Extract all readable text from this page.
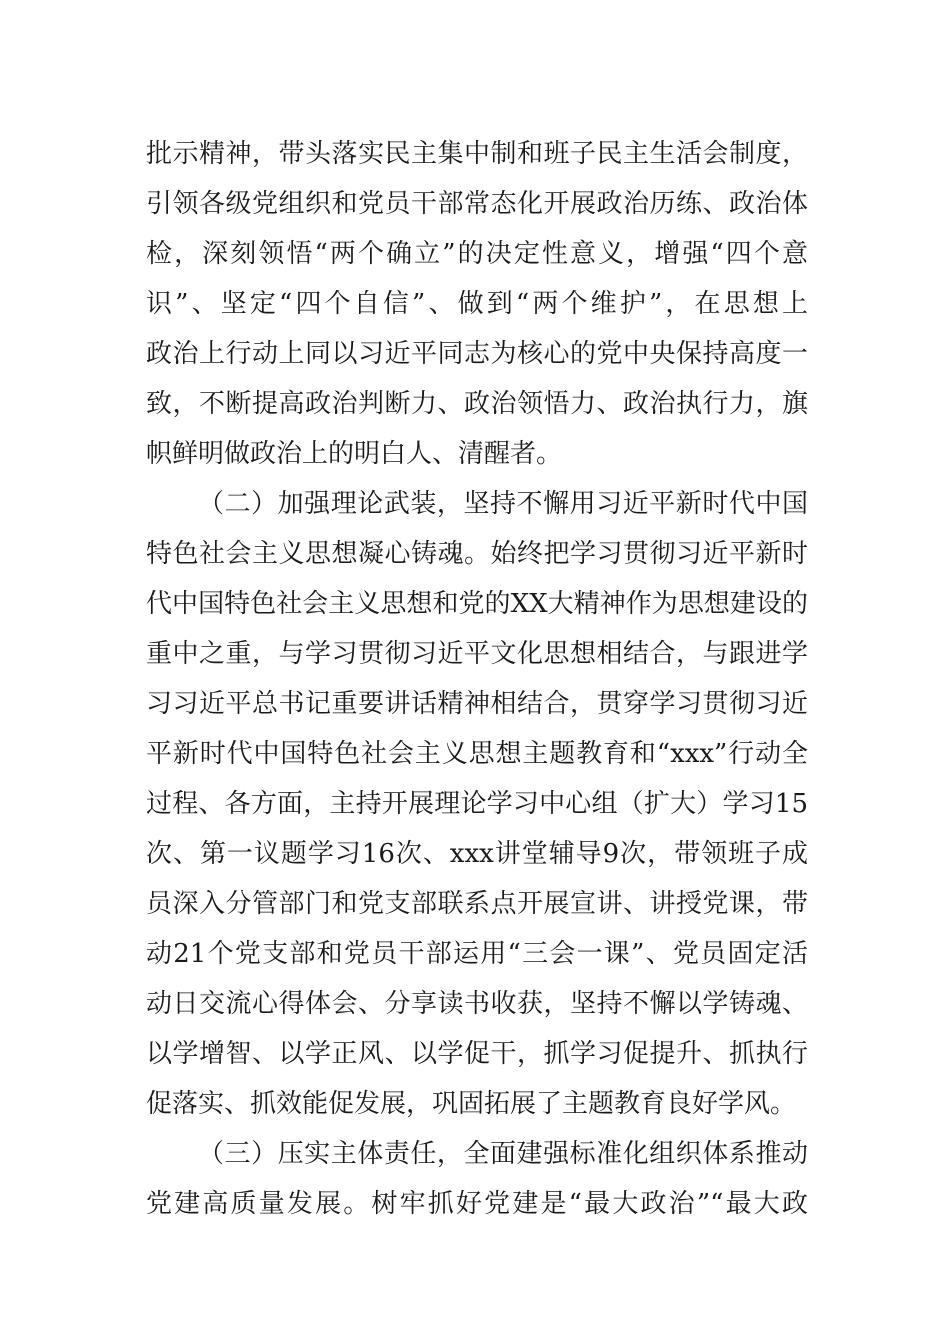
批示精神，带头落实民主集中制和班子民主生活会制度，
引领各级党组织和党员干部常态化开展政治历练、政治体
检，深刻领悟“两个确立”的决定性意义，增强“四个意
识”、坚定“四个自信”、做到“两个维护”，在思想上
政治上行动上同以习近平同志为核心的党中央保持高度一
致，不断提高政治判断力、政治领悟力、政治执行力，旗
帜鲜明做政治上的明白人、清醒者。
（二）加强理论武装，坚持不懈用习近平新时代中国
特色社会主义思想凝心铸魂。始终把学习贯彻习近平新时
代中国特色社会主义思想和党的XX大精神作为思想建设的
重中之重，与学习贯彻习近平文化思想相结合，与跟进学
习习近平总书记重要讲话精神相结合，贯穿学习贯彻习近
平新时代中国特色社会主义思想主题教育和“xxx”行动全
过程、各方面，主持开展理论学习中心组（扩大）学习15
次、第一议题学习16次、xxx讲堂辅导9次，带领班子成
员深入分管部门和党支部联系点开展宣讲、讲授党课，带
动21个党支部和党员干部运用“三会一课”、党员固定活
动日交流心得体会、分享读书收获，坚持不懈以学铸魂、
以学增智、以学正风、以学促干，抓学习促提升、抓执行
促落实、抓效能促发展，巩固拓展了主题教育良好学风。
（三）压实主体责任，全面建强标准化组织体系推动
党建高质量发展。树牢抓好党建是“最大政治”“最大政
